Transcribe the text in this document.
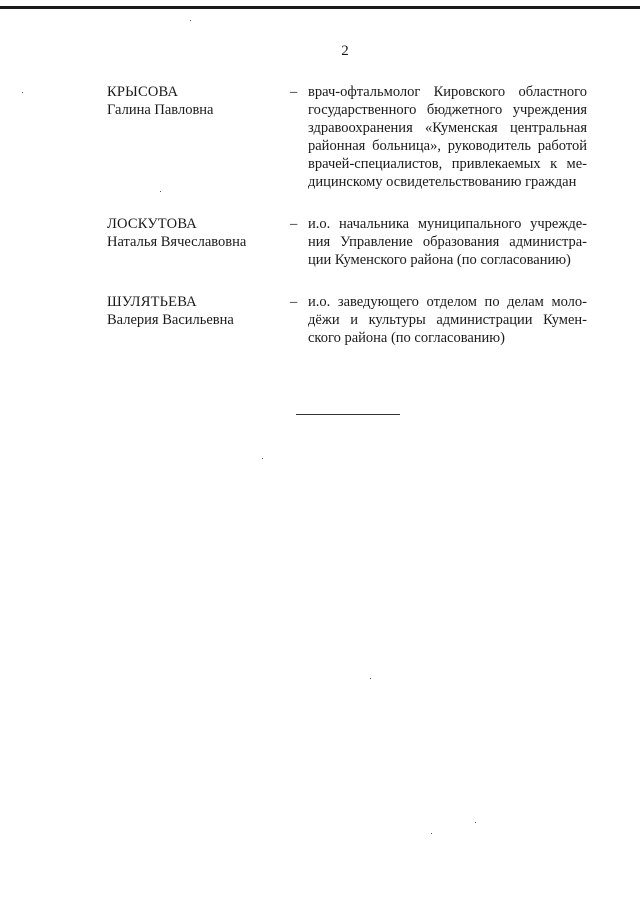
2
КРЫСОВА
Галина Павловна
– врач-офтальмолог Кировского областного
государственного бюджетного учреждения
здравоохранения «Куменская центральная
районная больница», руководитель работой
врачей-специалистов, привлекаемых к ме-
дицинскому освидетельствованию граждан
ЛОСКУТОВА
Наталья Вячеславовна
– и.о. начальника муниципального учрежде-
ния Управление образования администра-
ции Куменского района (по согласованию)
ШУЛЯТЬЕВА
Валерия Васильевна
– и.о. заведующего отделом по делам моло-
дёжи и культуры администрации Кумен-
ского района (по согласованию)
